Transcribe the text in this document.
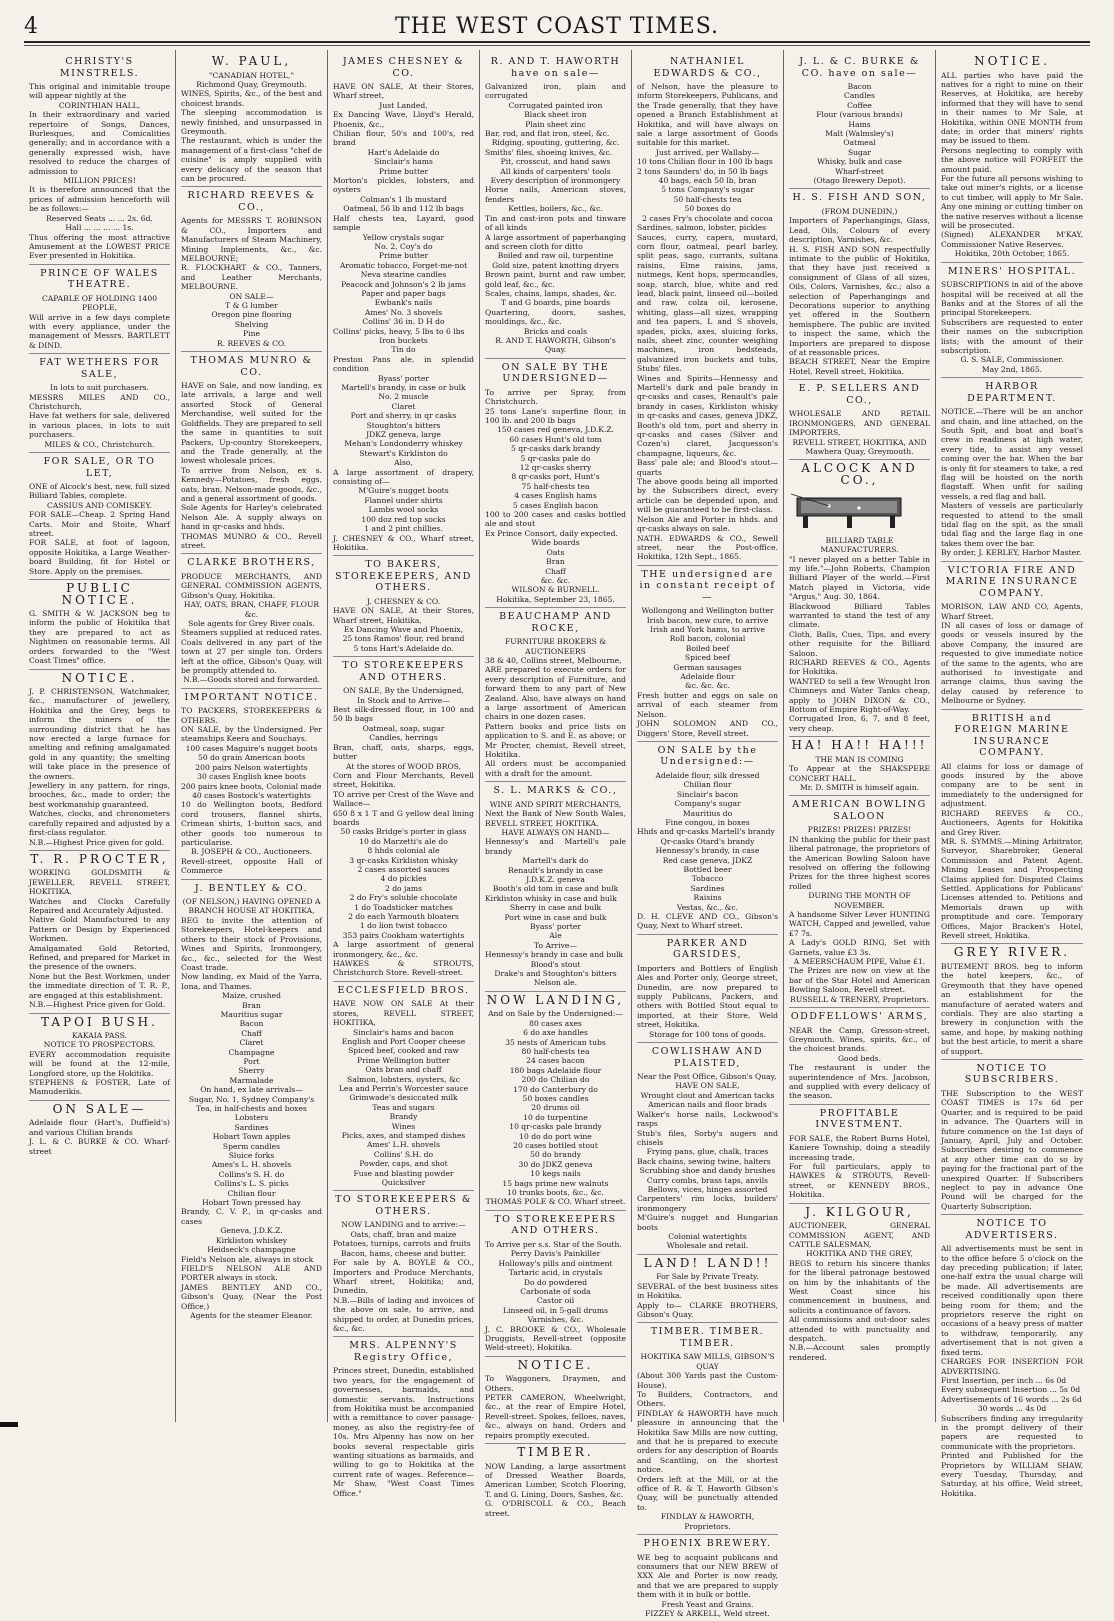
4	THE WEST COAST TIMES.
CHRISTY'S MINSTRELS.

This original and inimitable troupe will appear nightly at the

CORINTHIAN HALL,

In their extraordinary and varied repertoire of Songs, Dances, Burlesques, and Comicalities generally; and in accordance with a generally expressed wish, have resolved to reduce the charges of admission to

MILLION PRICES!

It is therefore announced that the prices of admission henceforth will be as follows:—

Reserved Seats ... ... 2s. 6d.

Hall ... ... ... ... 1s.

Thus offering the most attractive Amusement at the LOWEST PRICE Ever presented in Hokitika.

PRINCE OF WALES THEATRE.

CAPABLE OF HOLDING 1400 PEOPLE,

Will arrive in a few days complete with every appliance, under the management of Messrs. BARTLETT & DIND.

FAT WETHERS FOR SALE,

In lots to suit purchasers.

MESSRS MILES AND CO., Christchurch,

Have fat wethers for sale, delivered in various places, in lots to suit purchasers.

MILES & CO., Christchurch.

FOR SALE, OR TO LET,

ONE of Alcock's best, new, full sized Billiard Tables, complete.

CASSIUS AND COMISKEY.

FOR SALE—Cheap. 2 Spring Hand Carts. Moir and Stoite, Wharf street.

FOR SALE, at foot of lagoon, opposite Hokitika, a Large Weather-board Building, fit for Hotel or Store. Apply on the premises.

PUBLIC NOTICE.

G. SMITH & W. JACKSON beg to inform the public of Hokitika that they are prepared to act as Nightmen on reasonable terms. All orders forwarded to the "West Coast Times" office.

NOTICE.

J. P. CHRISTENSON, Watchmaker, &c., manufacturer of jewellery, Hokitika and the Grey, begs to inform the miners of the surrounding district that he has now erected a large furnace for smelting and refining amalgamated gold in any quantity; the smelting will take place in the presence of the owners.

Jewellery in any pattern, for rings, brooches, &c., made to order; the best workmanship guaranteed.

Watches, clocks, and chronometers carefully repaired and adjusted by a first-class regulator.

N.B.—Highest Price given for gold.

T. R. PROCTER,

WORKING GOLDSMITH & JEWELLER, REVELL STREET, HOKITIKA.

Watches and Clocks Carefully Repaired and Accurately Adjusted.

Native Gold Manufactured to any Pattern or Design by Experienced Workmen.

Amalgamated Gold Retorted, Refined, and prepared for Market in the presence of the owners.

None but the Best Workmen, under the immediate direction of T. R. P., are engaged at this establishment.

N.B.—Highest Price given for Gold.

TAPOI BUSH.

KAKAIA PASS.

NOTICE TO PROSPECTORS.

EVERY accommodation requisite will be found at the 12-mile, Longford store, up the Hokitika.

STEPHENS & FOSTER, Late of Mamuderikis.

ON SALE—

Adelaide flour (Hart's, Duffield's) and various Chilian brands

J. L. & C. BURKE & CO. Wharf-street

W. PAUL,

"CANADIAN HOTEL,"

Richmond Quay, Greymouth.

WINES, Spirits, &c., of the best and choicest brands.

The sleeping accommodation is newly finished, and unsurpassed in Greymouth.

The restaurant, which is under the management of a first-class "chef de cuisine" is amply supplied with every delicacy of the season that can be procured.

RICHARD REEVES & CO.,

Agents for MESSRS T. ROBINSON & CO., Importers and Manufacturers of Steam Machinery, Mining Implements, &c., &c. MELBOURNE;

R. FLOCKHART & CO., Tanners, and Leather Merchants, MELBOURNE.

ON SALE—

T & G lumber

Oregon pine flooring

Shelving

Pine

R. REEVES & CO.

THOMAS MUNRO & CO.

HAVE on Sale, and now landing, ex late arrivals, a large and well assorted Stock of General Merchandise, well suited for the Goldfields. They are prepared to sell the same in quantities to suit Packers, Up-country Storekeepers, and the Trade generally, at the lowest wholesale prices.

To arrive from Nelson, ex s. Kennedy—Potatoes, fresh eggs, oats, bran, Nelson-made goods, &c., and a general assortment of goods.

Sole Agents for Harley's celebrated Nelson Ale. A supply always on hand in qr-casks and hhds.

THOMAS MUNRO & CO., Revell street.

CLARKE BROTHERS,

PRODUCE MERCHANTS, AND GENERAL COMMISSION AGENTS, Gibson's Quay, Hokitika.

HAY, OATS, BRAN, CHAFF, FLOUR &c.

Sole agents for Grey River coals.

Steamers supplied at reduced rates. Coals delivered in any part of the town at 27 per single ton. Orders left at the office, Gibson's Quay, will be promptly attended to.

N.B.—Goods stored and forwarded.

IMPORTANT NOTICE.

TO PACKERS, STOREKEEPERS & OTHERS.

ON SALE, by the Undersigned. Per steamships Keera and Souchays.

100 cases Maguire's nugget boots

50 do grain American boots

200 pairs Nelson watertights

30 cases English knee boots

200 pairs knee boots, Colonial made

40 cases Bostock's watertights

10 do Wellington boots, Bedford cord trousers, flannel shirts, Crimean shirts, 1-button sacs, and other goods too numerous to particularise.

B. JOSEPH & CO., Auctioneers.

Revell-street, opposite Hall of Commerce

J. BENTLEY & CO.

(OF NELSON,) HAVING OPENED A

BRANCH HOUSE AT HOKITIKA,

BEG to invite the attention of Storekeepers, Hotel-keepers and others to their stock of Provisions, Wines and Spirits, Ironmongery, &c., &c., selected for the West Coast trade.

Now landing, ex Maid of the Yarra, Iona, and Thames.

Maize, crushed

Bran

Mauritius sugar

Bacon

Chaff

Claret

Champagne

Port

Sherry

Marmalade

On hand, ex late arrivals—

Sugar, No. 1, Sydney Company's

Tea, in half-chests and boxes

Lobsters

Sardines

Hobart Town apples

Sperm candles

Sluice forks

Ames's L. H. shovels

Collins's S. H. do

Collins's L. S. picks

Chilian flour

Hobart Town pressed hay

Brandy, C. V. P., in qr-casks and cases

Geneva, J.D.K.Z.

Kirkliston whiskey

Heidseck's champagne

Field's Nelson ale, always in stock

FIELD'S NELSON ALE AND PORTER always in stock.

JAMES BENTLEY AND CO., Gibson's Quay, (Near the Post Office,)

Agents for the steamer Eleanor.

JAMES CHESNEY & CO.

HAVE ON SALE, At their Stores, Wharf street,

Just Landed,

Ex Dancing Wave, Lloyd's Herald, Phoenix, &c.,

Chilian flour, 50's and 100's, red brand

Hart's Adelaide do

Sinclair's hams

Prime butter

Morton's pickles, lobsters, and oysters

Colman's 1 lb mustard

Oatmeal, 56 lb and 112 lb bags

Half chests tea, Layard, good sample

Yellow crystals sugar

No. 2, Coy's do

Prime butter

Aromatic tobacco, Forget-me-not

Neva stearine candles

Peacock and Johnson's 2 lb jams

Paper and paper bags

Ewbank's nails

Ames' No. 3 shovels

Collins' 36 in. D H do

Collins' picks, heavy, 5 lbs to 6 lbs

Iron buckets

Tin do

Preston Pans ale, in splendid condition

Byass' porter

Martell's brandy, in case or bulk

No. 2 muscle

Claret

Port and sherry, in qr casks

Stoughton's bitters

JDKZ geneva, large

Mehan's Londonderry whiskey

Stewart's Kirkliston do

Also,

A large assortment of drapery, consisting of—

M'Guire's nugget boots

Flannel under shirts

Lambs wool socks

100 doz red top socks

1 and 2 pint chillies.

J. CHESNEY & CO., Wharf street, Hokitika.

TO BAKERS, STOREKEEPERS, AND OTHERS.

J. CHESNEY & CO.

HAVE ON SALE, At their Stores, Wharf street, Hokitika,

Ex Dancing Wave and Phoenix,

25 tons Ramos' flour, red brand

5 tons Hart's Adelaide do.

TO STOREKEEPERS AND OTHERS.

ON SALE, By the Undersigned,

In Stock and to Arrive—

Best silk-dressed flour, in 100 and 50 lb bags

Oatmeal, soap, sugar

Candles, herrings

Bran, chaff, oats, sharps, eggs, butter

At the stores of WOOD BROS,

Corn and Flour Merchants, Revell street, Hokitika.

TO arrive per Crest of the Wave and Wallace—

650 8 x 1 T and G yellow deal lining boards

50 casks Bridge's porter in glass

10 do Marzetti's ale do

8 hhds colonial ale

3 qr-casks Kirkliston whisky

2 cases assorted sauces

4 do pickles

2 do jams

2 do Fry's soluble chocolate

1 do Toadsticker matches

2 do each Yarmouth bloaters

1 do lion twist tobacco

353 pairs Cookham watertights

A large assortment of general ironmongery, &c., &c.

HAWKES & STROUTS, Christchurch Store. Revell-street.

ECCLESFIELD BROS.

HAVE NOW ON SALE At their stores, REVELL STREET, HOKITIKA,

Sinclair's hams and bacon

English and Port Cooper cheese

Spiced beef, cooked and raw

Prime Wellington butter

Oats bran and chaff

Salmon, lobsters, oysters, &c

Lea and Perrin's Worcester sauce

Grimwade's desiccated milk

Teas and sugars

Brandy

Wines

Picks, axes, and stamped dishes

Ames' L.H. shovels

Collins' S.H. do

Powder, caps, and shot

Fuse and blasting powder

Quicksilver

TO STOREKEEPERS & OTHERS.

NOW LANDING and to arrive:—

Oats, chaff, bran and maize

Potatoes, turnips, carrots and fruits

Bacon, hams, cheese and butter.

For sale by A. BOYLE & CO., Importers and Produce Merchants, Wharf street, Hokitika; and, Dunedin.

N.B.—Bills of lading and invoices of the above on sale, to arrive, and shipped to order, at Dunedin prices, &c., &c.

MRS. ALPENNY'S Registry Office,

Princes street, Dunedin, established two years, for the engagement of governesses, barmaids, and domestic servants. Instructions from Hokitika must be accompanied with a remittance to cover passage-money, as also the registry-fee of 10s. Mrs Alpenny has now on her books several respectable girls wanting situations as barmaids, and willing to go to Hokitika at the current rate of wages. Reference—Mr Shaw, "West Coast Times Office."

R. AND T. HAWORTH have on sale—

Galvanized iron, plain and corrugated

Corrugated painted iron

Black sheet iron

Plain sheet zinc

Bar, rod, and flat iron, steel, &c.

Ridging, spouting, guttering, &c.

Smiths' files, shoeing knives, &c.

Pit, crosscut, and hand saws

All kinds of carpenters' tools

Every description of ironmongery

Horse nails, American stoves, fenders

Kettles, boilers, &c., &c.

Tin and cast-iron pots and tinware of all kinds

A large assortment of paperhanging and screen cloth for ditto

Boiled and raw oil, turpentine

Gold size, patent knotting dryers

Brown paint, burnt and raw umber, gold leaf, &c., &c.

Scales, chains, lamps, shades, &c.

T and G boards, pine boards

Quartering, doors, sashes, mouldings, &c., &c.

Bricks and coals

R. AND T. HAWORTH, Gibson's Quay.

ON SALE BY THE UNDERSIGNED—

To arrive per Spray, from Christchurch.

25 tons Lane's superfine flour, in 100 lb. and 200 lb bags

150 cases red geneva, J.D.K.Z.

60 cases Hunt's old tom

5 qr-casks dark brandy

5 qr-casks pale do

12 qr-casks sherry

8 qr-casks port, Hunt's

75 half-chests tea

4 cases English hams

5 cases English bacon

100 to 200 cases and casks bottled ale and stout

Ex Prince Consort, daily expected.

Wide boards

Oats

Bran

Chaff

&c. &c.

WILSON & BURNELL.

Hokitika, September 23, 1865.

BEAUCHAMP AND ROCKE,

FURNITURE BROKERS & AUCTIONEERS

38 & 40, Collins street, Melbourne,

ARE prepared to execute orders for every description of Furniture, and forward them to any part of New Zealand. Also, have always on hand a large assortment of American chairs in one dozen cases.

Pattern books and price lists on application to S. and E. as above; or Mr Procter, chemist, Revell street, Hokitika.

All orders must be accompanied with a draft for the amount.

S. L. MARKS & CO.,

WINE AND SPIRIT MERCHANTS,

Next the Bank of New South Wales, REVELL STREET, HOKITIKA.

HAVE ALWAYS ON HAND—

Hennessy's and Martell's pale brandy

Martell's dark do

Renault's brandy in case

J.D.K.Z. geneva

Booth's old tom in case and bulk

Kirkliston whisky in case and bulk

Sherry in case and bulk

Port wine in case and bulk

Byass' porter

Ale

To Arrive—

Hennessy's brandy in case and bulk

Blood's stout

Drake's and Stoughton's bitters

Nelson ale.

NOW LANDING,

And on Sale by the Undersigned:—

80 cases axes

6 do axe handles

35 nests of American tubs

80 half-chests tea

24 cases bacon

180 bags Adelaide flour

200 do Chilian do

170 do Canterbury do

50 boxes candles

20 drums oil

10 do turpentine

10 qr-casks pale brandy

10 do do port wine

20 cases bottled stout

50 do brandy

30 do JDKZ geneva

10 kegs nails

15 bags prime new walnuts

10 trunks boots, &c., &c.

THOMAS POLE & CO. Wharf street.

TO STOREKEEPERS AND OTHERS.

To Arrive per s.s. Star of the South.

Perry Davis's Painkiller

Holloway's pills and ointment

Tartaric acid, in crystals

Do do powdered

Carbonate of soda

Castor oil

Linseed oil, in 5-gall drums

Varnishes, &c.

J. C. BROOKE & CO., Wholesale Druggists, Revell-street (opposite Weld-street), Hokitika.

NOTICE.

To Waggoners, Draymen, and Others.

PETER CAMERON, Wheelwright, &c., at the rear of Empire Hotel, Revell-street. Spokes, felloes, naves, &c., always on hand. Orders and repairs promptly executed.

TIMBER.

NOW Landing, a large assortment of Dressed Weather Boards, American Lumber, Scotch Flooring, T. and G. Lining, Doors, Sashes, &c.

G. O'DRISCOLL & CO., Beach street.

NATHANIEL EDWARDS & CO.,

of Nelson, have the pleasure to inform Storekeepers, Publicans, and the Trade generally, that they have opened a Branch Establishment at Hokitika, and will have always on sale a large assortment of Goods suitable for this market.

Just arrived, per Wallaby—

10 tons Chilian flour in 100 lb bags

2 tons Saunders' do, in 50 lb bags

40 bags, each 50 lb, bran

5 tons Company's sugar

50 half-chests tea

50 boxes do

2 cases Fry's chocolate and cocoa

Sardines, salmon, lobster, pickles

Sauces, curry, capers, mustard, corn flour, oatmeal, pearl barley, split peas, sago, currants, sultana raisins, Elme raisins, jams, nutmegs, Kent hops, spermcandles, soap, starch, blue, white and red lead, black paint, linseed oil—boiled and raw, colza oil, kerosene, whiting, glass—all sizes, wrapping and tea papers, L and S shovels, spades, picks, axes, sluicing forks, nails, sheet zinc, counter weighing machines, iron bedsteads, galvanized iron buckets and tubs, Stubs' files.

Wines and Spirits—Hennessy and Martell's dark and pale brandy in qr-casks and cases, Renault's pale brandy in cases, Kirkliston whisky in qr-casks and cases, geneva JDKZ, Booth's old tom, port and sherry in qr-casks and cases (Silver and Cozen's) claret, Jacquesson's champagne, liqueurs, &c.

Bass' pale ale; and Blood's stout—quarts

The above goods being all imported by the Subscribers direct, every article can be depended upon, and will be guaranteed to be first-class.

Nelson Ale and Porter in hhds. and qr-casks always on sale.

NATH. EDWARDS & CO., Sewell street, near the Post-office. Hokitika, 12th Sept., 1865.

THE undersigned are in constant receipt of—

Wollongong and Wellington butter

Irish bacon, new cure, to arrive

Irish and York hams, to arrive

Roll bacon, colonial

Boiled beef

Spiced beef

German sausages

Adelaide flour

&c. &c. &c.

Fresh butter and eggs on sale on arrival of each steamer from Nelson.

JOHN SOLOMON AND CO., Diggers' Store, Revell street.

ON SALE by the Undersigned:—

Adelaide flour, silk dressed

Chilian flour

Sinclair's bacon

Company's sugar

Mauritius do

Fine congou, in boxes

Hhds and qr-casks Martell's brandy

Qr-casks Otard's brandy

Hennessy's brandy, in case

Red case geneva, JDKZ

Bottled beer

Tobacco

Sardines

Raisins

Vestas, &c., &c.

D. H. CLEVE AND CO., Gibson's Quay, Next to Wharf street.

PARKER AND GARSIDES,

Importers and Bottlers of English Ales and Porter only, George street, Dunedin, are now prepared to supply Publicans, Packers, and others with Bottled Stout equal to imported, at their Store, Weld street, Hokitika.

Storage for 100 tons of goods.

COWLISHAW AND PLAISTED,

Near the Post Office, Gibson's Quay,

HAVE ON SALE,

Wrought clout and American tacks

American nails and floor brads

Walker's horse nails, Lockwood's rasps

Stub's files, Sorby's augers and chisels

Frying pans, glue, chalk, traces

Back chains, sewing twine, halters

Scrubbing shoe and dandy brushes

Curry combs, brass taps, anvils

Bellows, vices, hinges assorted

Carpenters' rim locks, builders' ironmongery

M'Guire's nugget and Hungarian boots

Colonial watertights

Wholesale and retail.

LAND! LAND!!

For Sale by Private Treaty.

SEVERAL of the best business sites in Hokitika.

Apply to— CLARKE BROTHERS, Gibson's Quay.

TIMBER. TIMBER. TIMBER.

HOKITIKA SAW MILLS, GIBSON'S QUAY

(About 300 Yards past the Custom-House).

To Builders, Contractors, and Others.

FINDLAY & HAWORTH have much pleasure in announcing that the Hokitika Saw Mills are now cutting, and that he is prepared to execute orders for any description of Boards and Scantling, on the shortest notice.

Orders left at the Mill, or at the office of R. & T. Haworth Gibson's Quay, will be punctually attended to.

FINDLAY & HAWORTH, Proprietors.

PHOENIX BREWERY.

WE beg to acquaint publicans and consumers that our NEW BREW of XXX Ale and Porter is now ready, and that we are prepared to supply them with it in bulk or bottle.

Fresh Yeast and Grains.

FIZZEY & ARKELL, Weld street.

J. L. & C. BURKE & CO. have on sale—

Bacon

Candles

Coffee

Flour (various brands)

Hams

Malt (Walmsley's)

Oatmeal

Sugar

Whisky, bulk and case

Wharf-street

(Otago Brewery Depot).

H. S. FISH AND SON,

(FROM DUNEDIN,)

Importers of Paperhangings, Glass, Lead, Oils, Colours of every description, Varnishes, &c.

H. S. FISH AND SON respectfully intimate to the public of Hokitika, that they have just received a consignment of Glass of all sizes, Oils, Colors, Varnishes, &c.; also a selection of Paperhangings and Decorations superior to anything yet offered in the Southern hemisphere. The public are invited to inspect the same, which the Importers are prepared to dispose of at reasonable prices.

BEACH STREET, Near the Empire Hotel, Revell street, Hokitika.

E. P. SELLERS AND CO.,

WHOLESALE AND RETAIL IRONMONGERS, AND GENERAL IMPORTERS,

REVELL STREET, HOKITIKA, AND

Mawhera Quay, Greymouth.

ALCOCK AND CO.,

BILLIARD TABLE MANUFACTURERS.

"I never played on a better Table in my life."—John Roberts, Champion Billiard Player of the world.—First Match played in Victoria, vide "Argus," Aug. 30, 1864.

Blackwood Billiard Tables warranted to stand the test of any climate.

Cloth, Balls, Cues, Tips, and every other requisite for the Billiard Saloon.

RICHARD REEVES & CO., Agents for Hokitika.

WANTED to sell a few Wrought Iron Chimneys and Water Tanks cheap, apply to JOHN DIXON & CO., Bottom of Empire Right-of-Way.

Corrugated Iron, 6, 7, and 8 feet, very cheap.

HA! HA!! HA!!!

THE MAN IS COMING

To Appear at the SHAKSPERE CONCERT HALL.

Mr. D. SMITH is himself again.

AMERICAN BOWLING SALOON

PRIZES! PRIZES! PRIZES!

IN thanking the public for their past liberal patronage, the proprietors of the American Bowling Saloon have resolved on offering the following Prizes for the three highest scores rolled

DURING THE MONTH OF NOVEMBER.

A handsome Silver Lever HUNTING WATCH, Capped and jewelled, value £7 7s.

A Lady's GOLD RING, Set with Garnets, value £3 3s.

A MEERSCHAUM PIPE, Value £1.

The Prizes are now on view at the bar of the Star Hotel and American Bowling Saloon, Revell street.

RUSSELL & TRENERY, Proprietors.

ODDFELLOWS' ARMS,

NEAR the Camp, Gresson-street, Greymouth. Wines, spirits, &c., of the choicest brands.

Good beds.

The restaurant is under the superintendence of Mrs. Jacobson, and supplied with every delicacy of the season.

PROFITABLE INVESTMENT.

FOR SALE, the Robert Burns Hotel, Kaniere Township, doing a steadily increasing trade,

For full particulars, apply to HAWKES & STROUTS, Revell-street, or KENNEDY BROS., Hokitika.

J. KILGOUR,

AUCTIONEER, GENERAL COMMISSION AGENT, AND CATTLE SALESMAN,

HOKITIKA AND THE GREY,

BEGS to return his sincere thanks for the liberal patronage bestowed on him by the inhabitants of the West Coast since his commencement in business, and solicits a continuance of favors.

All commissions and out-door sales attended to with punctuality and despatch.

N.B.—Account sales promptly rendered.

NOTICE.

ALL parties who have paid the natives for a right to mine on their Reserves, at Hokitika, are hereby informed that they will have to send in their names to Mr Sale, at Hokitika, within ONE MONTH from date; in order that miners' rights may be issued to them.

Persons neglecting to comply with the above notice will FORFEIT the amount paid.

For the future all persons wishing to take out miner's rights, or a license to cut timber, will apply to Mr Sale. Any one mining or cutting timber on the native reserves without a license will be prosecuted.

(Signed) ALEXANDER M'KAY, Commissioner Native Reserves.

Hokitika, 20th October, 1865.

MINERS' HOSPITAL.

SUBSCRIPTIONS in aid of the above hospital will be received at all the Banks and at the Stores of all the principal Storekeepers.

Subscribers are requested to enter their names on the subscription lists; with the amount of their subscription.

G. S. SALE, Commissioner.

May 2nd, 1865.

HARBOR DEPARTMENT.

NOTICE.—There will be an anchor and chain, and line attached, on the South Spit, and boat and boat's crew in readiness at high water, every tide, to assist any vessel coming over the bar. When the bar is only fit for steamers to take, a red flag will be hoisted on the north flagstaff. When unfit for sailing vessels, a red flag and ball.

Masters of vessels are particularly requested to attend to the small tidal flag on the spit, as the small tidal flag and the large flag in one takes them over the bar.

By order, J. KERLEY, Harbor Master.

VICTORIA FIRE AND MARINE INSURANCE COMPANY.

MORISON, LAW AND CO, Agents, Wharf Street.

IN all cases of loss or damage of goods or vessels insured by the above Company, the insured are requested to give immediate notice of the same to the agents, who are authorised to investigate and arrange claims, thus saving the delay caused by reference to Melbourne or Sydney.

BRITISH and FOREIGN MARINE INSURANCE COMPANY.

All claims for loss or damage of goods insured by the above company are to be sent in immediately to the undersigned for adjustment.

RICHARD REEVES & CO., Auctioneers, Agents for Hokitika and Grey River.

MR. S. SYMMS.—Mining Arbitrator, Surveyor, Sharebroker, General Commission and Patent Agent. Mining Leases and Prospecting Claims applied for. Disputed Claims Settled. Applications for Publicans' Licenses attended to. Petitions and Memorials drawn up with promptitude and care. Temporary Offices, Major Bracken's Hotel, Revell street, Hokitika.

GREY RIVER.

BUTEMENT BROS. beg to inform the hotel keepers, &c., of Greymouth that they have opened an establishment for the manufacture of aerated waters and cordials. They are also starting a brewery in conjunction with the same, and hope, by making nothing but the best article, to merit a share of support.

NOTICE TO SUBSCRIBERS.

THE Subscription to the WEST COAST TIMES is 17s 6d per Quarter, and is required to be paid in advance. The Quarters will in future commence on the 1st days of January, April, July and October. Subscribers desiring to commence at any other time can do so by paying for the fractional part of the unexpired Quarter. If Subscribers neglect to pay in advance One Pound will be charged for the Quarterly Subscription.

NOTICE TO ADVERTISERS.

All advertisements must be sent in to the office before 5 o'clock on the day preceding publication; if later, one-half extra the usual charge will be made. All advertisements are received conditionally upon there being room for them; and the proprietors reserve the right on occasions of a heavy press of matter to withdraw, temporarily, any advertisement that is not given a fixed term.

CHARGES FOR INSERTION FOR ADVERTISING.

First Insertion, per inch ... 6s 0d

Every subsequent Insertion ... 5s 0d

Advertisements of 16 words ... 2s 6d

30 words ... 4s 0d

Subscribers finding any irregularity in the prompt delivery of their papers are requested to communicate with the proprietors.

Printed and Published for the Proprietors by WILLIAM SHAW, every Tuesday, Thursday, and Saturday, at his office, Weld street, Hokitika.
